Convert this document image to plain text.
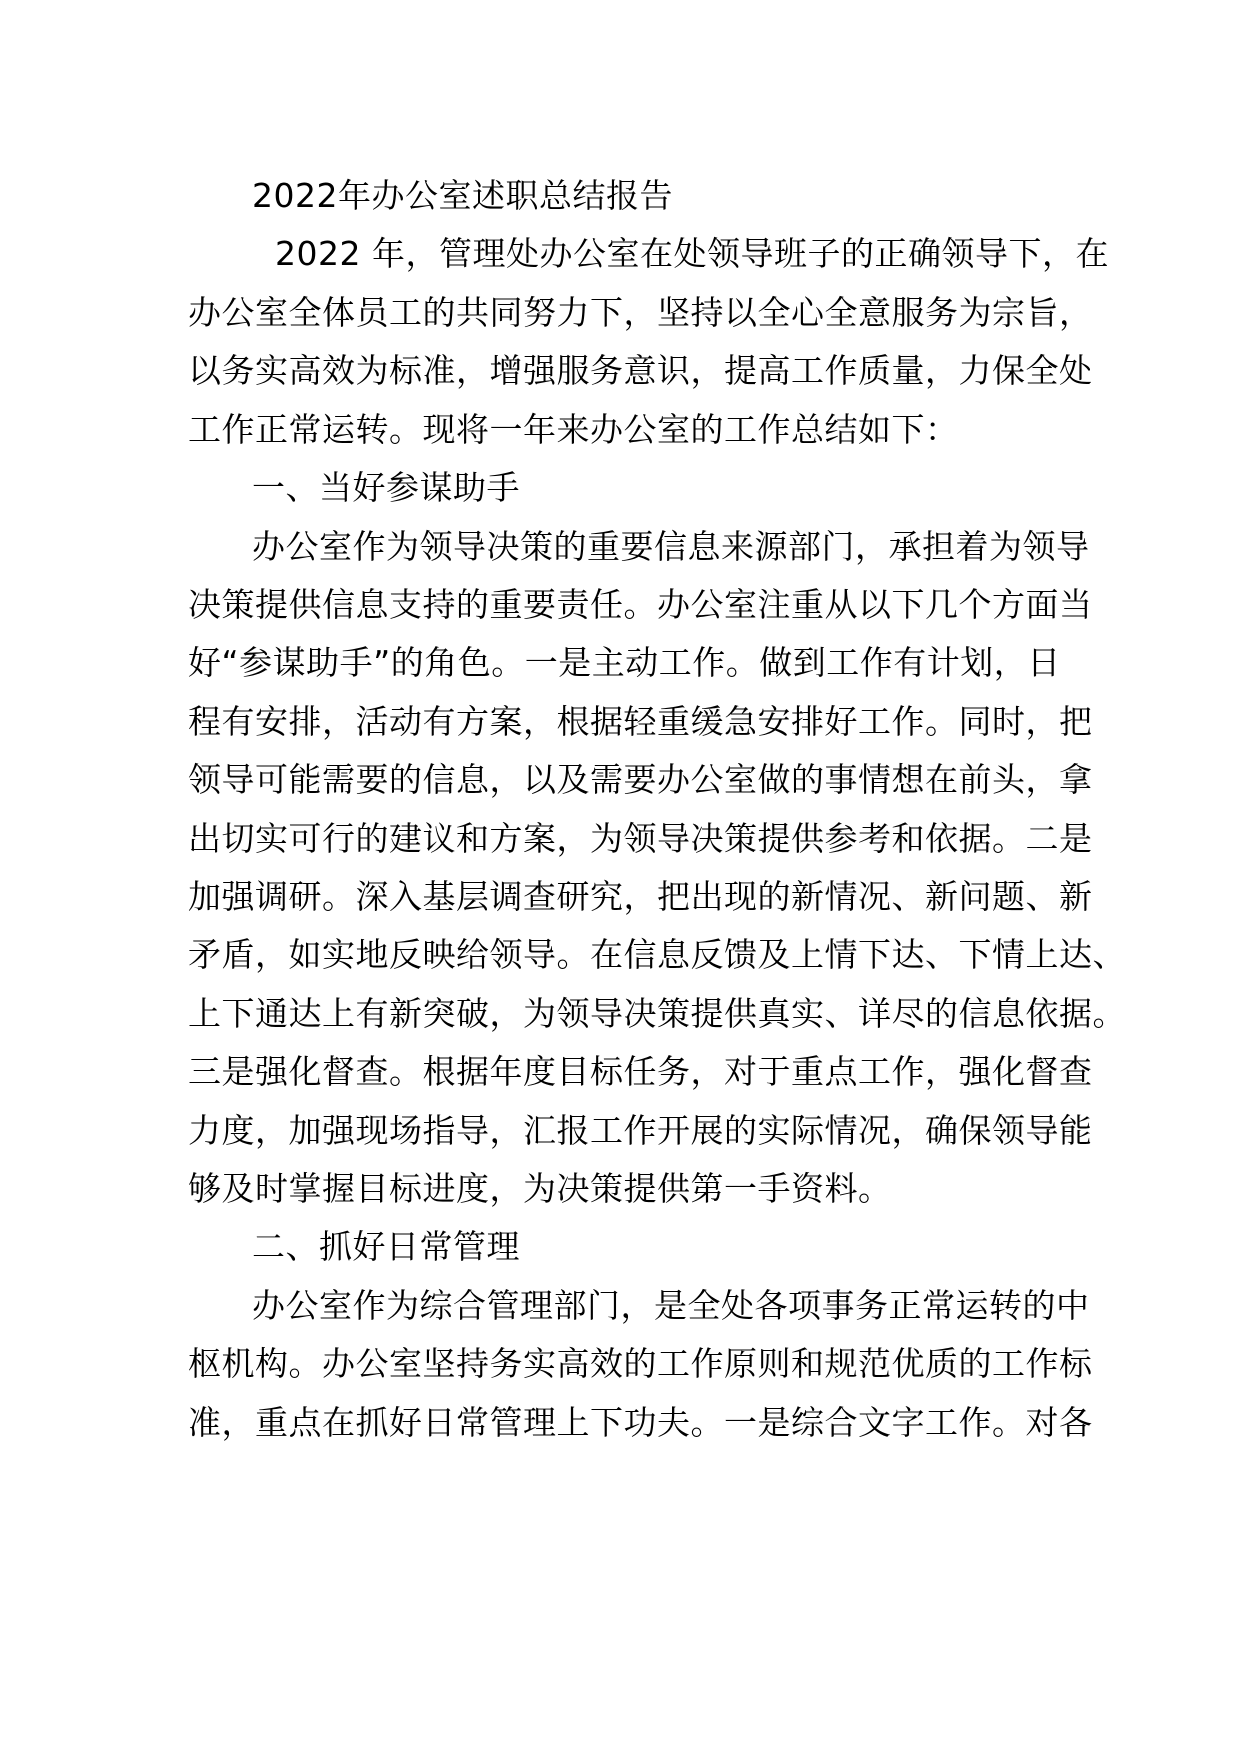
2022年办公室述职总结报告
2022 年，管理处办公室在处领导班子的正确领导下，在
办公室全体员工的共同努力下，坚持以全心全意服务为宗旨，
以务实高效为标准，增强服务意识，提高工作质量，力保全处
工作正常运转。现将一年来办公室的工作总结如下：
一、当好参谋助手
办公室作为领导决策的重要信息来源部门，承担着为领导
决策提供信息支持的重要责任。办公室注重从以下几个方面当
好“参谋助手”的角色。一是主动工作。做到工作有计划，日
程有安排，活动有方案，根据轻重缓急安排好工作。同时，把
领导可能需要的信息，以及需要办公室做的事情想在前头，拿
出切实可行的建议和方案，为领导决策提供参考和依据。二是
加强调研。深入基层调查研究，把出现的新情况、新问题、新
矛盾，如实地反映给领导。在信息反馈及上情下达、下情上达、
上下通达上有新突破，为领导决策提供真实、详尽的信息依据。
三是强化督查。根据年度目标任务，对于重点工作，强化督查
力度，加强现场指导，汇报工作开展的实际情况，确保领导能
够及时掌握目标进度，为决策提供第一手资料。
二、抓好日常管理
办公室作为综合管理部门，是全处各项事务正常运转的中
枢机构。办公室坚持务实高效的工作原则和规范优质的工作标
准，重点在抓好日常管理上下功夫。一是综合文字工作。对各
